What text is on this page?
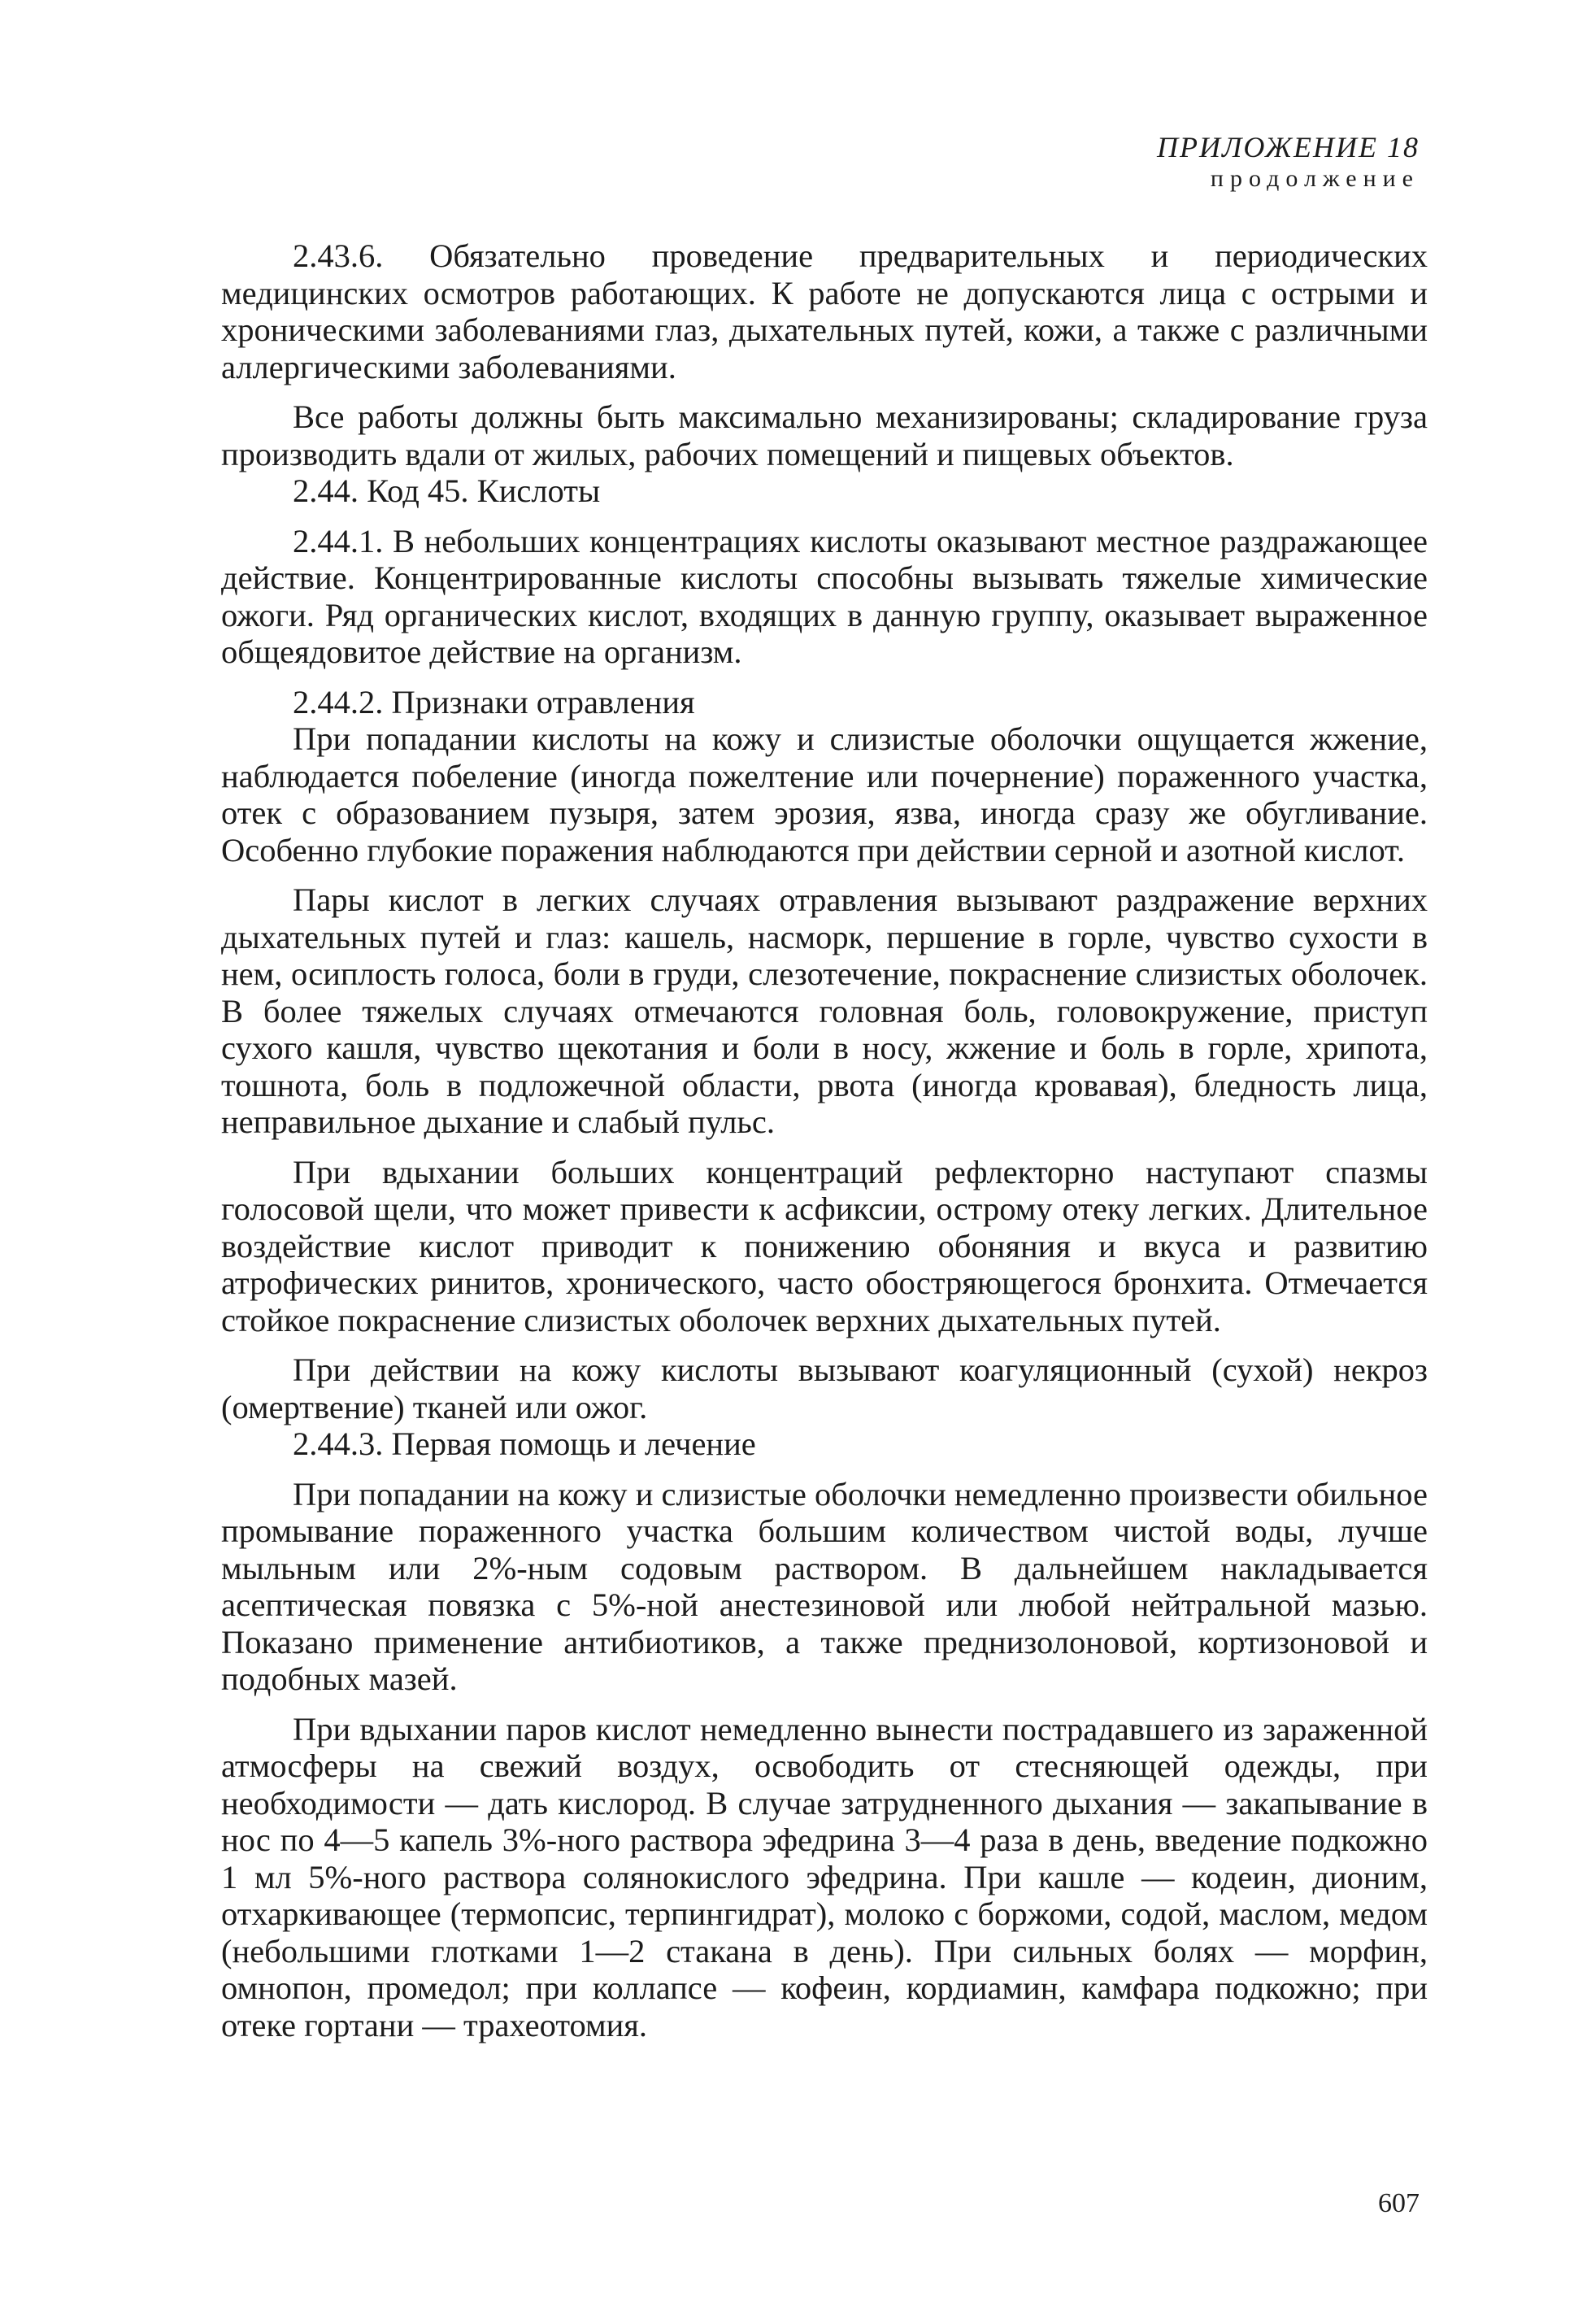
ПРИЛОЖЕНИЕ 18
продолжение

2.43.6. Обязательно проведение предварительных и периодических медицинских осмотров работающих. К работе не допускаются лица с острыми и хроническими заболеваниями глаз, дыхательных путей, кожи, а также с различными аллергическими заболеваниями.

Все работы должны быть максимально механизированы; складирование груза производить вдали от жилых, рабочих помещений и пищевых объектов.

2.44. Код 45. Кислоты

2.44.1. В небольших концентрациях кислоты оказывают местное раздражающее действие. Концентрированные кислоты способны вызывать тяжелые химические ожоги. Ряд органических кислот, входящих в данную группу, оказывает выраженное общеядовитое действие на организм.

2.44.2. Признаки отравления

При попадании кислоты на кожу и слизистые оболочки ощущается жжение, наблюдается побеление (иногда пожелтение или почернение) пораженного участка, отек с образованием пузыря, затем эрозия, язва, иногда сразу же обугливание. Особенно глубокие поражения наблюдаются при действии серной и азотной кислот.

Пары кислот в легких случаях отравления вызывают раздражение верхних дыхательных путей и глаз: кашель, насморк, першение в горле, чувство сухости в нем, осиплость голоса, боли в груди, слезотечение, покраснение слизистых оболочек. В более тяжелых случаях отмечаются головная боль, головокружение, приступ сухого кашля, чувство щекотания и боли в носу, жжение и боль в горле, хрипота, тошнота, боль в подложечной области, рвота (иногда кровавая), бледность лица, неправильное дыхание и слабый пульс.

При вдыхании больших концентраций рефлекторно наступают спазмы голосовой щели, что может привести к асфиксии, острому отеку легких. Длительное воздействие кислот приводит к понижению обоняния и вкуса и развитию атрофических ринитов, хронического, часто обостряющегося бронхита. Отмечается стойкое покраснение слизистых оболочек верхних дыхательных путей.

При действии на кожу кислоты вызывают коагуляционный (сухой) некроз (омертвение) тканей или ожог.

2.44.3. Первая помощь и лечение

При попадании на кожу и слизистые оболочки немедленно произвести обильное промывание пораженного участка большим количеством чистой воды, лучше мыльным или 2%-ным содовым раствором. В дальнейшем накладывается асептическая повязка с 5%-ной анестезиновой или любой нейтральной мазью. Показано применение антибиотиков, а также преднизолоновой, кортизоновой и подобных мазей.

При вдыхании паров кислот немедленно вынести пострадавшего из зараженной атмосферы на свежий воздух, освободить от стесняющей одежды, при необходимости — дать кислород. В случае затрудненного дыхания — закапывание в нос по 4—5 капель 3%-ного раствора эфедрина 3—4 раза в день, введение подкожно 1 мл 5%-ного раствора солянокислого эфедрина. При кашле — кодеин, дионим, отхаркивающее (термопсис, терпингидрат), молоко с боржоми, содой, маслом, медом (небольшими глотками 1—2 стакана в день). При сильных болях — морфин, омнопон, промедол; при коллапсе — кофеин, кордиамин, камфара подкожно; при отеке гортани — трахеотомия.

607
